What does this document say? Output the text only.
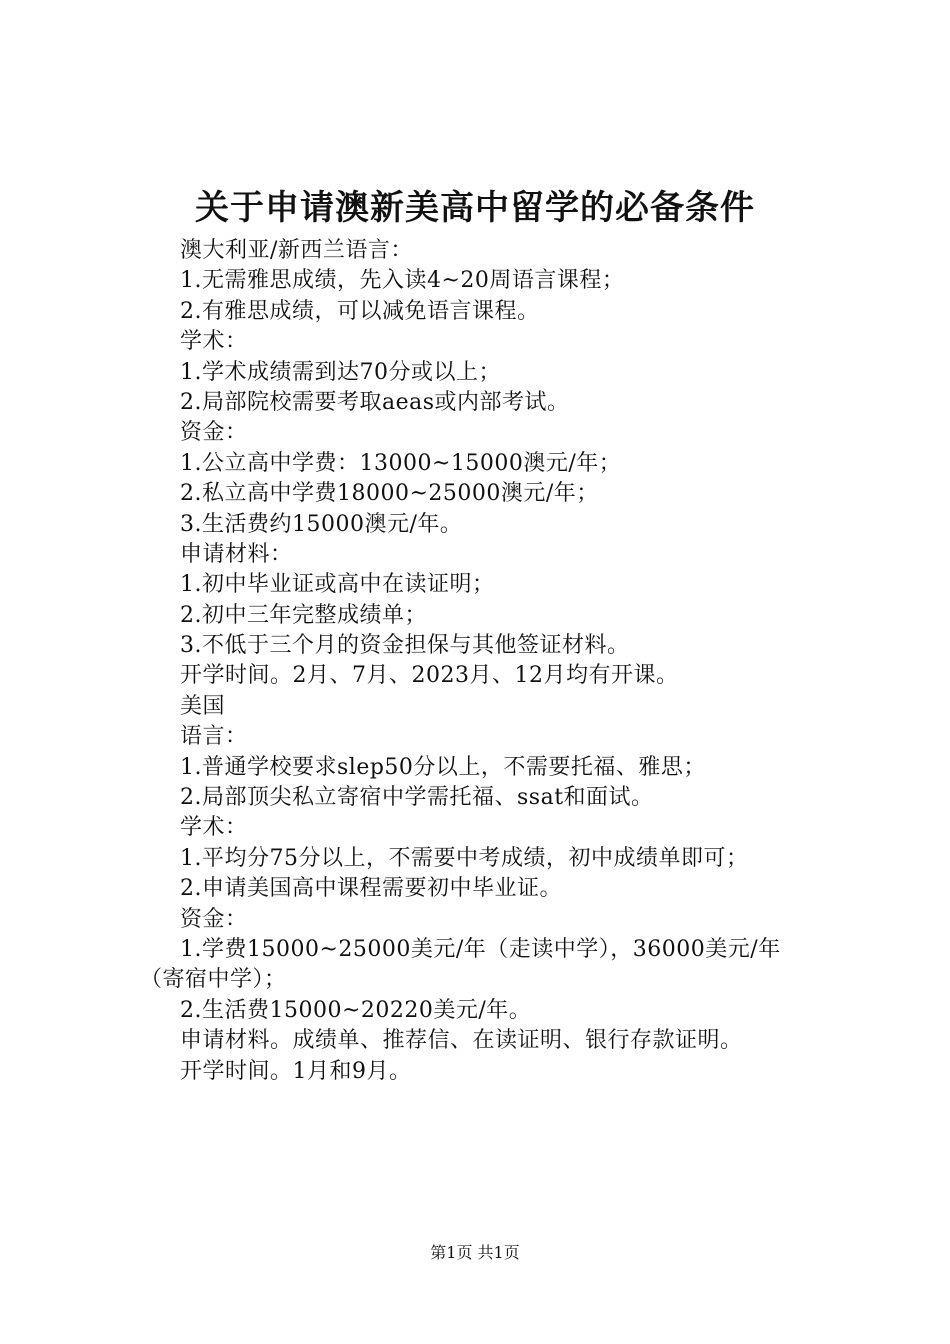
关于申请澳新美高中留学的必备条件
澳大利亚/新西兰语言：
1.无需雅思成绩，先入读4~20周语言课程；
2.有雅思成绩，可以减免语言课程。
学术：
1.学术成绩需到达70分或以上；
2.局部院校需要考取aeas或内部考试。
资金：
1.公立高中学费：13000~15000澳元/年；
2.私立高中学费18000~25000澳元/年；
3.生活费约15000澳元/年。
申请材料：
1.初中毕业证或高中在读证明；
2.初中三年完整成绩单；
3.不低于三个月的资金担保与其他签证材料。
开学时间。2月、7月、2023月、12月均有开课。
美国
语言：
1.普通学校要求slep50分以上，不需要托福、雅思；
2.局部顶尖私立寄宿中学需托福、ssat和面试。
学术：
1.平均分75分以上，不需要中考成绩，初中成绩单即可；
2.申请美国高中课程需要初中毕业证。
资金：
1.学费15000~25000美元/年（走读中学），36000美元/年
（寄宿中学）；
2.生活费15000~20220美元/年。
申请材料。成绩单、推荐信、在读证明、银行存款证明。
开学时间。1月和9月。
第1页 共1页
